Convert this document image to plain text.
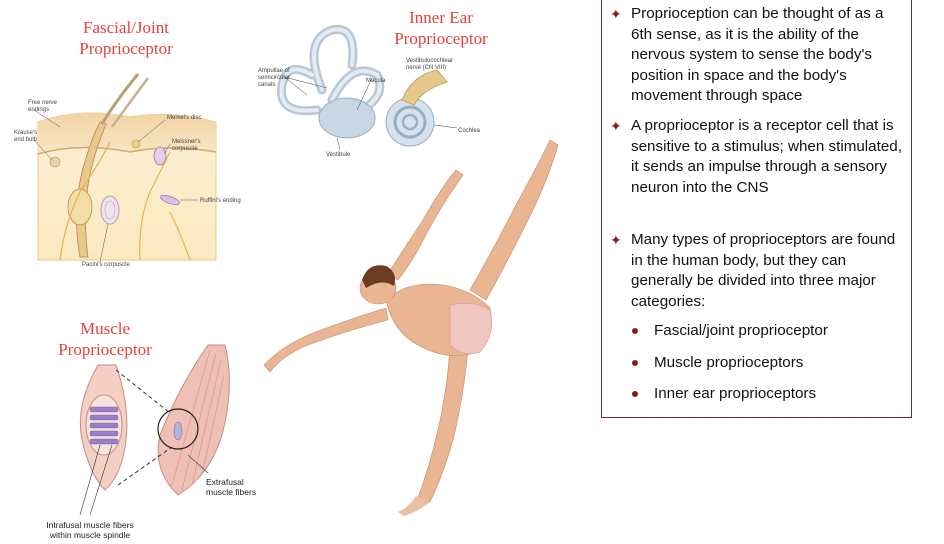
Fascial/Joint Proprioceptor
Inner Ear Proprioceptor
Muscle Proprioceptor
Free nerve endings
Krause's end bulb
Merkel's disc
Meissner's corpuscle
Ruffini's ending
Pacini's corpuscle
Ampullae of semicircular canals
Macula
Vestibulocochlear nerve (CN VIII)
Cochlea
Vestibule
Extrafusal muscle fibers
Intrafusal muscle fibers within muscle spindle
✦ Proprioception can be thought of as a 6th sense, as it is the ability of the nervous system to sense the body's position in space and the body's movement through space
✦ A proprioceptor is a receptor cell that is sensitive to a stimulus; when stimulated, it sends an impulse through a sensory neuron into the CNS
✦ Many types of proprioceptors are found in the human body, but they can generally be divided into three major categories:
Fascial/joint proprioceptor
Muscle proprioceptors
Inner ear proprioceptors
